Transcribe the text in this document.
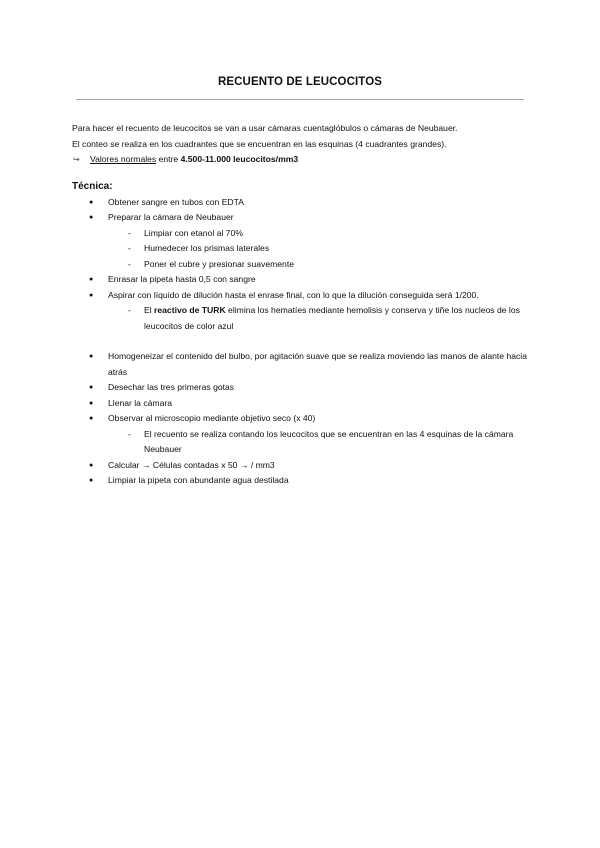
RECUENTO DE LEUCOCITOS

Para hacer el recuento de leucocitos se van a usar cámaras cuentaglóbulos o cámaras de Neubauer.

El conteo se realiza en los cuadrantes que se encuentran en las esquinas (4 cuadrantes grandes).

↪ Valores normales entre 4.500-11.000 leucocitos/mm3

Técnica:
● Obtener sangre en tubos con EDTA
● Preparar la cámara de Neubauer
- Limpiar con etanol al 70%
- Humedecer los prismas laterales
- Poner el cubre y presionar suavemente
● Enrasar la pipeta hasta 0,5 con sangre
● Aspirar con líquido de dilución hasta el enrase final, con lo que la dilución conseguida será 1/200.
- El reactivo de TURK elimina los hematíes mediante hemolisis y conserva y tiñe los nucleos de los leucocitos de color azul
● Homogeneizar el contenido del bulbo, por agitación suave que se realiza moviendo las manos de alante hacia atrás
● Desechar las tres primeras gotas
● Llenar la cámara
● Observar al microscopio mediante objetivo seco (x 40)
- El recuento se realiza contando los leucocitos que se encuentran en las 4 esquinas de la cámara Neubauer
● Calcular → Células contadas x 50 → / mm3
● Limpiar la pipeta con abundante agua destilada
